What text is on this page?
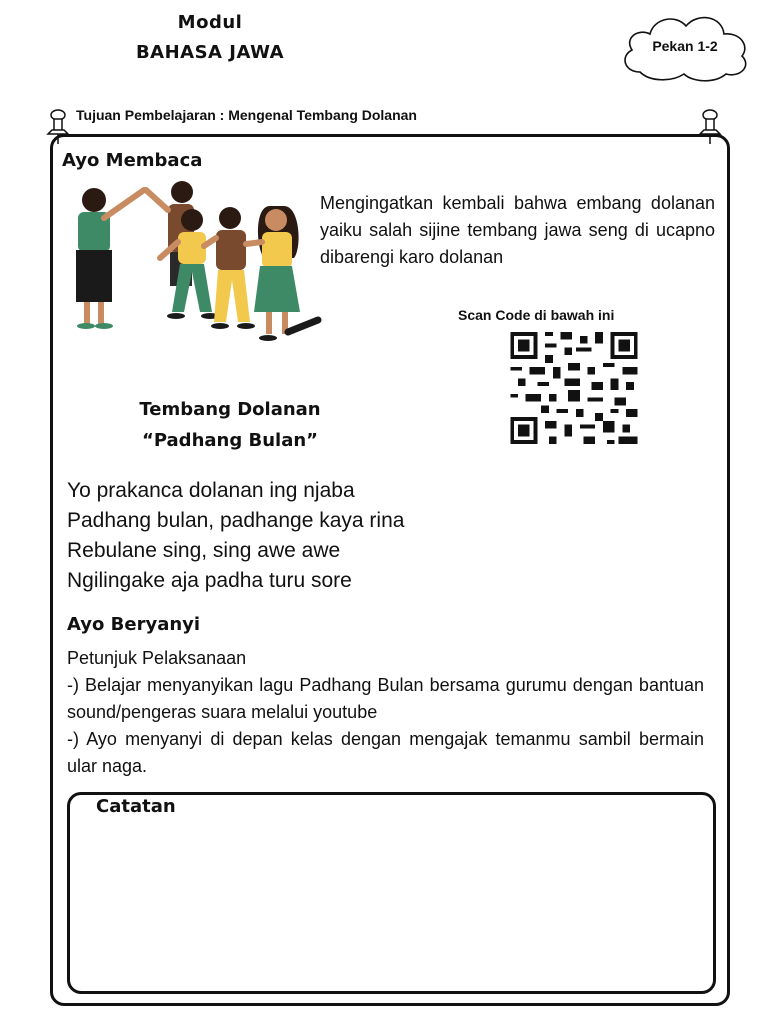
Modul
BAHASA JAWA	Pekan 1-2
Tujuan Pembelajaran : Mengenal Tembang Dolanan
Ayo Membaca
Mengingatkan kembali bahwa embang dolanan yaiku salah sijine tembang jawa seng di ucapno dibarengi karo dolanan
Scan Code di bawah ini
Tembang Dolanan
“Padhang Bulan”
Yo prakanca dolanan ing njaba
Padhang bulan, padhange kaya rina
Rebulane sing, sing awe awe
Ngilingake aja padha turu sore
Ayo Beryanyi
Petunjuk Pelaksanaan
-) Belajar menyanyikan lagu Padhang Bulan bersama gurumu dengan bantuan sound/pengeras suara melalui youtube
-) Ayo menyanyi di depan kelas dengan mengajak temanmu sambil bermain ular naga.
Catatan
